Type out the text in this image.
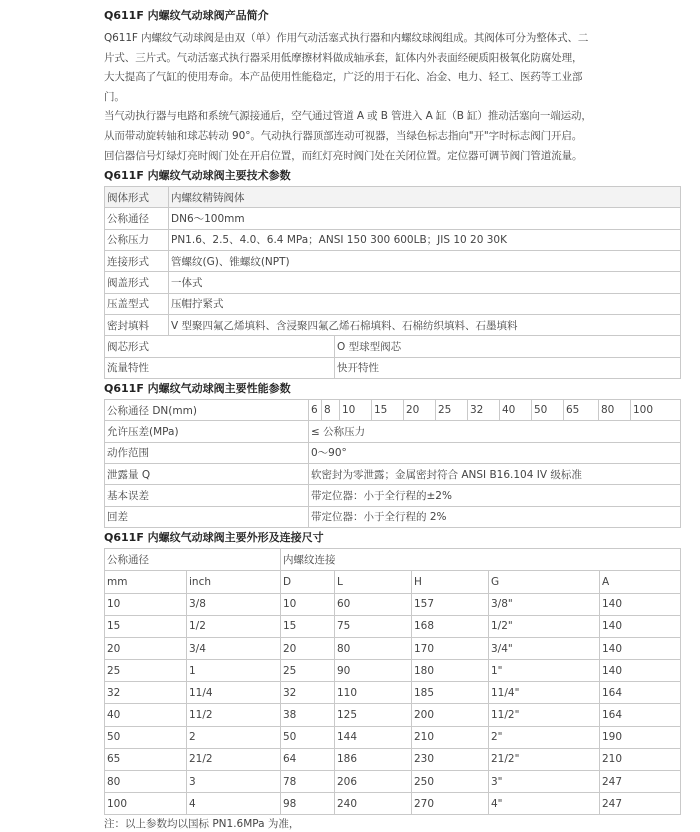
Q611F 内螺纹气动球阀产品简介
Q611F 内螺纹气动球阀是由双（单）作用气动活塞式执行器和内螺纹球阀组成。其阀体可分为整体式、二
片式、三片式。气动活塞式执行器采用低摩擦材料做成轴承套，缸体内外表面经硬质阳极氧化防腐处理，
大大提高了气缸的使用寿命。本产品使用性能稳定，广泛的用于石化、冶金、电力、轻工、医药等工业部
门。
当气动执行器与电路和系统气源接通后，空气通过管道 A 或 B 管进入 A 缸（B 缸）推动活塞向一端运动，
从而带动旋转轴和球芯转动 90°。气动执行器顶部连动可视器，当绿色标志指向"开"字时标志阀门开启。
回信器信号灯绿灯亮时阀门处在开启位置，而红灯亮时阀门处在关闭位置。定位器可调节阀门管道流量。
Q611F 内螺纹气动球阀主要技术参数
阀体形式	内螺纹精铸阀体	
公称通径	DN6～100mm	
公称压力	PN1.6、2.5、4.0、6.4 MPa；ANSI 150 300 600LB；JIS 10 20 30K	
连接形式	管螺纹(G)、锥螺纹(NPT)	
阀盖形式	一体式	
压盖型式	压帽拧紧式	
密封填料	V 型聚四氟乙烯填料、含浸聚四氟乙烯石棉填料、石棉纺织填料、石墨填料	
阀芯形式		O 型球型阀芯
流量特性		快开特性
Q611F 内螺纹气动球阀主要性能参数
公称通径 DN(mm)	6	8	10	15	20	25	32	40	50	65	80	100
允许压差(MPa)	≤ 公称压力											
动作范围	0～90°											
泄露量 Q	软密封为零泄露；金属密封符合 ANSI B16.104 IV 级标准											
基本误差	带定位器：小于全行程的±2%											
回差	带定位器：小于全行程的 2%											
Q611F 内螺纹气动球阀主要外形及连接尺寸
公称通径		内螺纹连接				
mm	inch	D	L	H	G	A
10	3/8	10	60	157	3/8"	140
15	1/2	15	75	168	1/2"	140
20	3/4	20	80	170	3/4"	140
25	1	25	90	180	1"	140
32	11/4	32	110	185	11/4"	164
40	11/2	38	125	200	11/2"	164
50	2	50	144	210	2"	190
65	21/2	64	186	230	21/2"	210
80	3	78	206	250	3"	247
100	4	98	240	270	4"	247
注：以上参数均以国标 PN1.6MPa 为准，
